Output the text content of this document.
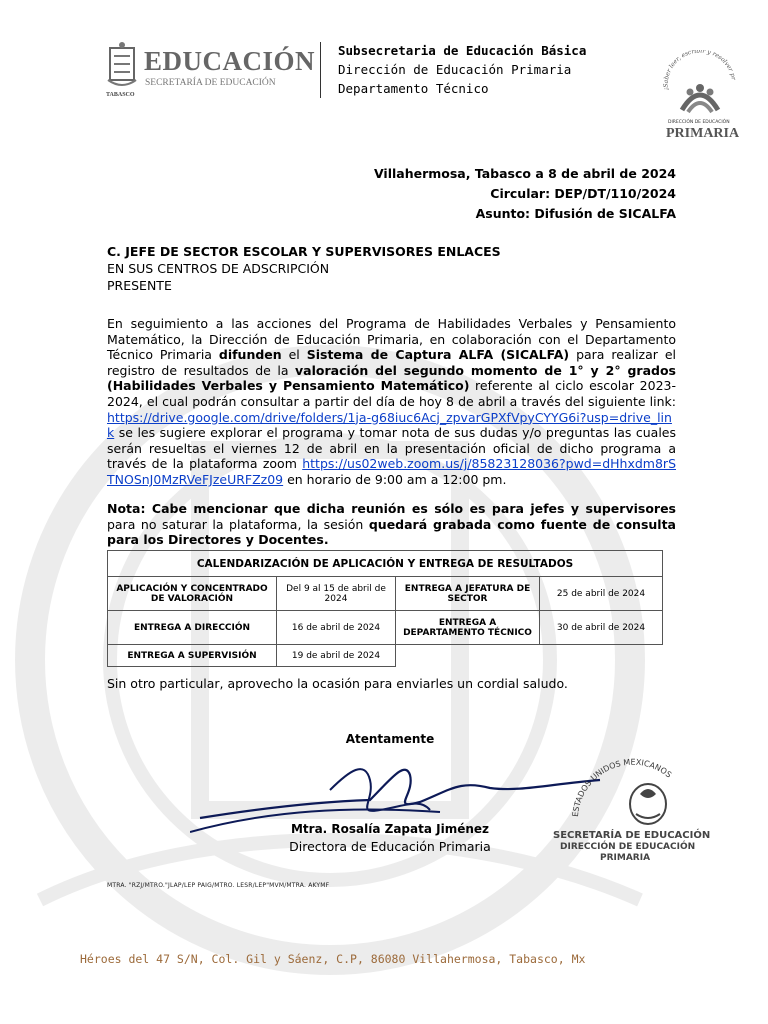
TABASCO
EDUCACIÓN
SECRETARÍA DE EDUCACIÓN
Subsecretaria de Educación Básica
Dirección de Educación Primaria
Departamento Técnico	¡Saber leer, escribir y resolver pr
DIRECCIÓN DE EDUCACIÓN
PRIMARIA
Villahermosa, Tabasco a 8 de abril de 2024
Circular: DEP/DT/110/2024
Asunto: Difusión de SICALFA
C. JEFE DE SECTOR ESCOLAR Y SUPERVISORES ENLACES
EN SUS CENTROS DE ADSCRIPCIÓN
PRESENTE
En seguimiento a las acciones del Programa de Habilidades Verbales y Pensamiento Matemático, la Dirección de Educación Primaria, en colaboración con el Departamento Técnico Primaria difunden el Sistema de Captura ALFA (SICALFA) para realizar el registro de resultados de la valoración del segundo momento de 1° y 2° grados (Habilidades Verbales y Pensamiento Matemático) referente al ciclo escolar 2023-2024, el cual podrán consultar a partir del día de hoy 8 de abril a través del siguiente link: https://drive.google.com/drive/folders/1ja-g68iuc6Acj_zpvarGPXfVpyCYYG6i?usp=drive_link se les sugiere explorar el programa y tomar nota de sus dudas y/o preguntas las cuales serán resueltas el viernes 12 de abril en la presentación oficial de dicho programa a través de la plataforma zoom https://us02web.zoom.us/j/85823128036?pwd=dHhxdm8rSTNOSnJ0MzRVeFJzeURFZz09 en horario de 9:00 am a 12:00 pm.
Nota: Cabe mencionar que dicha reunión es sólo es para jefes y supervisores para no saturar la plataforma, la sesión quedará grabada como fuente de consulta para los Directores y Docentes.
CALENDARIZACIÓN DE APLICACIÓN Y ENTREGA DE RESULTADOS			
APLICACIÓN Y CONCENTRADO DE VALORACIÓN	Del 9 al 15 de abril de 2024	ENTREGA A JEFATURA DE SECTOR	25 de abril de 2024
ENTREGA A DIRECCIÓN	16 de abril de 2024	ENTREGA A DEPARTAMENTO TÉCNICO	30 de abril de 2024
ENTREGA A SUPERVISIÓN	19 de abril de 2024		
Sin otro particular, aprovecho la ocasión para enviarles un cordial saludo.
Atentamente
Mtra. Rosalía Zapata Jiménez
Directora de Educación Primaria
ESTADOS UNIDOS MEXICANOS
SECRETARÍA DE EDUCACIÓN
DIRECCIÓN DE EDUCACIÓN
PRIMARIA
MTRA. "RZJ/MTRO."JLAP/LEP PAIG/MTRO. LESR/LEP"MVM/MTRA. AKYMF
Héroes del 47 S/N, Col. Gil y Sáenz, C.P, 86080 Villahermosa, Tabasco, Mx
